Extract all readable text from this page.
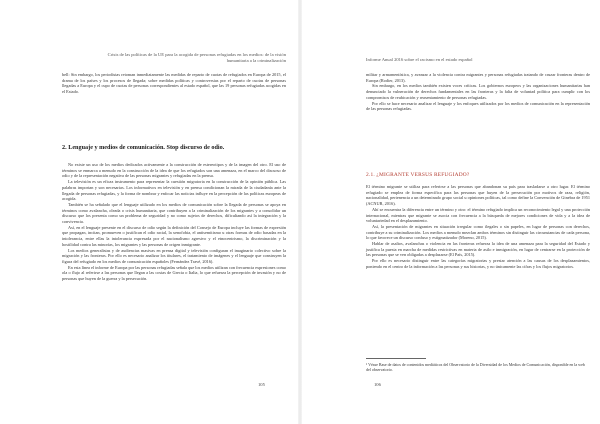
Crisis de las políticas de la UE para la acogida de personas refugiadas en los medios: de la visión humanitaria a la criminalización

bell: Sin embargo, los periodistas retoman inmediatamente las medidas de reparto de cuotas de refugiados en Europa de 2015, el drama de los países y los procesos de llegada; sobre medidas políticas y controversias por el reparto de cuotas de personas llegadas a Europa y el cupo de cuotas de personas correspondientes al estado español, que las 19 personas refugiadas acogidas en el Estado.

2. Lenguaje y medios de comunicación. Stop discurso de odio.

No existe un uso de los medios dedicados activamente a la construcción de estereotipos y de la imagen del otro. El uso de términos se enmarca a menudo en la construcción de la idea de que los refugiados son una amenaza, en el marco del discurso de odio y de la representación negativa de las personas migrantes y refugiadas en la prensa.

La televisión es un eficaz instrumento para representar la cuestión migratoria en la construcción de la opinión pública. Las palabras importan y son necesarias. Los informativos en televisión y en prensa condicionan la mirada de la ciudadanía ante la llegada de personas refugiadas, y la forma de nombrar y enfocar las noticias influye en la percepción de las políticas europeas de acogida.

También se ha señalado que el lenguaje utilizado en los medios de comunicación sobre la llegada de personas se apoya en términos como avalancha, oleada o crisis humanitaria, que contribuyen a la criminalización de los migrantes y a consolidar un discurso que los presenta como un problema de seguridad y no como sujetos de derechos, dificultando así la integración y la convivencia.

Así, en el lenguaje presente en el discurso de odio según la definición del Consejo de Europa incluye las formas de expresión que propagan, incitan, promueven o justifican el odio racial, la xenofobia, el antisemitismo u otras formas de odio basadas en la intolerancia, entre ellas la intolerancia expresada por el nacionalismo agresivo y el etnocentrismo, la discriminación y la hostilidad contra las minorías, los migrantes y las personas de origen inmigrante.

Los medios generalistas y de audiencias masivas en prensa digital y televisión configuran el imaginario colectivo sobre la migración y las fronteras. Por ello es necesario analizar los titulares, el tratamiento de imágenes y el lenguaje que construyen la figura del refugiado en los medios de comunicación españoles (Fernández Travé, 2016).

En esta línea el informe de Europa por las personas refugiadas señala que los medios utilizan con frecuencia expresiones como ola o flujo al referirse a las personas que llegan a las costas de Grecia o Italia, lo que refuerza la percepción de invasión y no de personas que huyen de la guerra y la persecución.

105
Informe Anual 2016 sobre el racismo en el estado español

militar y armamentística, y avanzar a la violencia contra migrantes y personas refugiadas tratando de cruzar fronteras dentro de Europa (Rodier, 2013).

Sin embargo, en los medios también existen voces críticas. Los gobiernos europeos y las organizaciones humanitarias han denunciado la vulneración de derechos fundamentales en las fronteras y la falta de voluntad política para cumplir con los compromisos de reubicación y reasentamiento de personas refugiadas.

Por ello se hace necesario analizar el lenguaje y los enfoques utilizados por los medios de comunicación en la representación de las personas refugiadas.

2.1. ¿MIGRANTE VERSUS REFUGIADO?

El término migrante se utiliza para referirse a las personas que abandonan su país para trasladarse a otro lugar. El término refugiado se emplea de forma específica para las personas que huyen de la persecución por motivos de raza, religión, nacionalidad, pertenencia a un determinado grupo social u opiniones políticas, tal como define la Convención de Ginebra de 1951 (ACNUR, 2016).

Ahí se encuentra la diferencia entre un término y otro: el término refugiado implica un reconocimiento legal y una protección internacional, mientras que migrante se asocia con frecuencia a la búsqueda de mejores condiciones de vida y a la idea de voluntariedad en el desplazamiento.

Así, la presentación de migrantes en situación irregular como ilegales o sin papeles, en lugar de personas con derechos, contribuye a su criminalización. Los medios a menudo mezclan ambos términos sin distinguir las circunstancias de cada persona, lo que favorece un discurso confuso y estigmatizador (Moreno, 2015).

Hablar de asaltos, avalanchas o violencia en las fronteras refuerza la idea de una amenaza para la seguridad del Estado y justifica la puesta en marcha de medidas restrictivas en materia de asilo e inmigración, en lugar de centrarse en la protección de las personas que se ven obligadas a desplazarse (El País, 2015).

Por ello es necesario distinguir entre las categorías migratorias y prestar atención a las causas de los desplazamientos, poniendo en el centro de la información a las personas y sus historias, y no únicamente las cifras y los flujos migratorios.

¹ Véase Base de datos de contenidos mediáticos del Observatorio de la Diversidad de los Medios de Comunicación, disponible en la web del observatorio.
106
